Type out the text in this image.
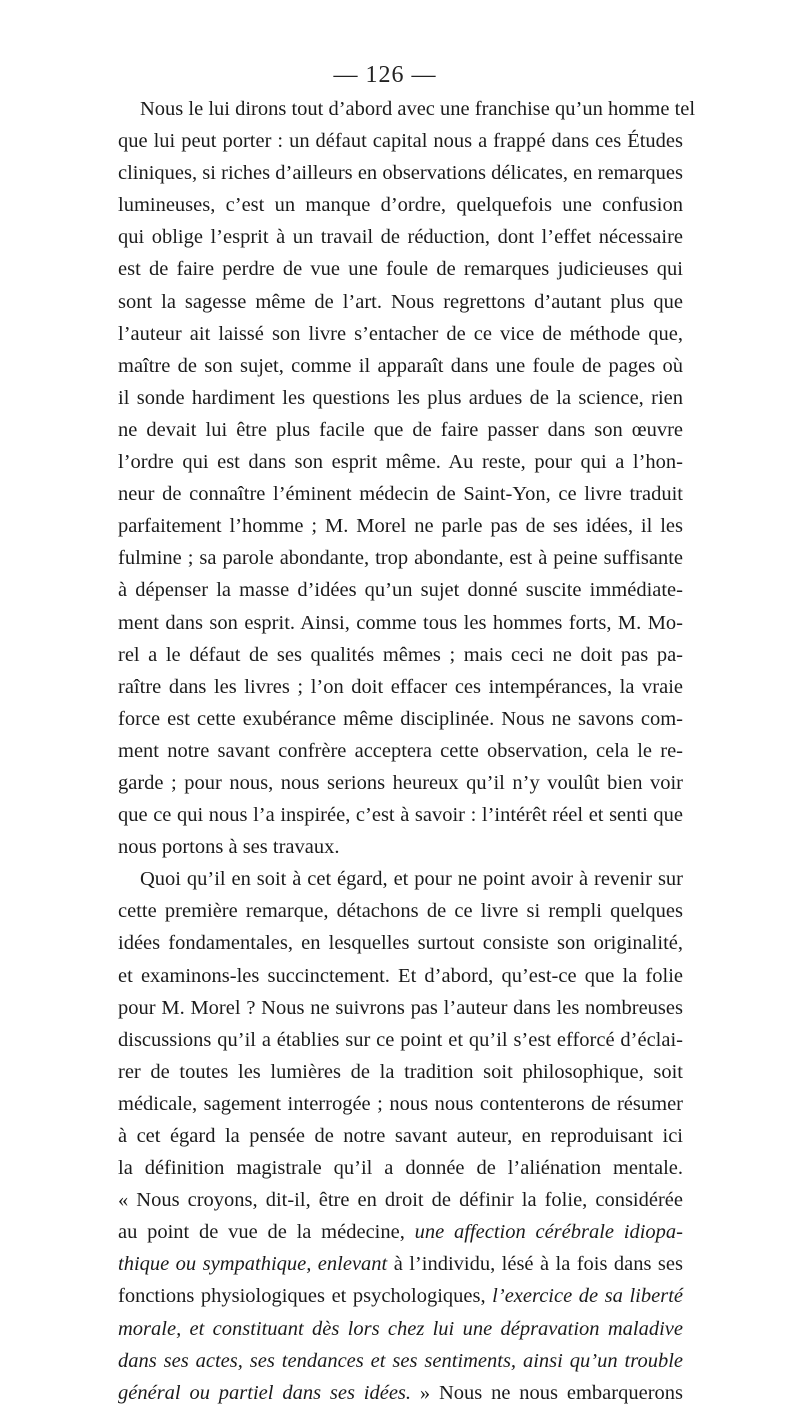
— 126 —
Nous le lui dirons tout d’abord avec une franchise qu’un homme tel
que lui peut porter : un défaut capital nous a frappé dans ces Études
cliniques, si riches d’ailleurs en observations délicates, en remarques
lumineuses, c’est un manque d’ordre, quelquefois une confusion
qui oblige l’esprit à un travail de réduction, dont l’effet nécessaire
est de faire perdre de vue une foule de remarques judicieuses qui
sont la sagesse même de l’art. Nous regrettons d’autant plus que
l’auteur ait laissé son livre s’entacher de ce vice de méthode que,
maître de son sujet, comme il apparaît dans une foule de pages où
il sonde hardiment les questions les plus ardues de la science, rien
ne devait lui être plus facile que de faire passer dans son œuvre
l’ordre qui est dans son esprit même. Au reste, pour qui a l’hon-
neur de connaître l’éminent médecin de Saint-Yon, ce livre traduit
parfaitement l’homme ; M. Morel ne parle pas de ses idées, il les
fulmine ; sa parole abondante, trop abondante, est à peine suffisante
à dépenser la masse d’idées qu’un sujet donné suscite immédiate-
ment dans son esprit. Ainsi, comme tous les hommes forts, M. Mo-
rel a le défaut de ses qualités mêmes ; mais ceci ne doit pas pa-
raître dans les livres ; l’on doit effacer ces intempérances, la vraie
force est cette exubérance même disciplinée. Nous ne savons com-
ment notre savant confrère acceptera cette observation, cela le re-
garde ; pour nous, nous serions heureux qu’il n’y voulût bien voir
que ce qui nous l’a inspirée, c’est à savoir : l’intérêt réel et senti que
nous portons à ses travaux.
Quoi qu’il en soit à cet égard, et pour ne point avoir à revenir sur
cette première remarque, détachons de ce livre si rempli quelques
idées fondamentales, en lesquelles surtout consiste son originalité,
et examinons-les succinctement. Et d’abord, qu’est-ce que la folie
pour M. Morel ? Nous ne suivrons pas l’auteur dans les nombreuses
discussions qu’il a établies sur ce point et qu’il s’est efforcé d’éclai-
rer de toutes les lumières de la tradition soit philosophique, soit
médicale, sagement interrogée ; nous nous contenterons de résumer
à cet égard la pensée de notre savant auteur, en reproduisant ici
la définition magistrale qu’il a donnée de l’aliénation mentale.
« Nous croyons, dit-il, être en droit de définir la folie, considérée
au point de vue de la médecine, une affection cérébrale idiopa-
thique ou sympathique, enlevant à l’individu, lésé à la fois dans ses
fonctions physiologiques et psychologiques, l’exercice de sa liberté
morale, et constituant dès lors chez lui une dépravation maladive
dans ses actes, ses tendances et ses sentiments, ainsi qu’un trouble
général ou partiel dans ses idées. » Nous ne nous embarquerons
